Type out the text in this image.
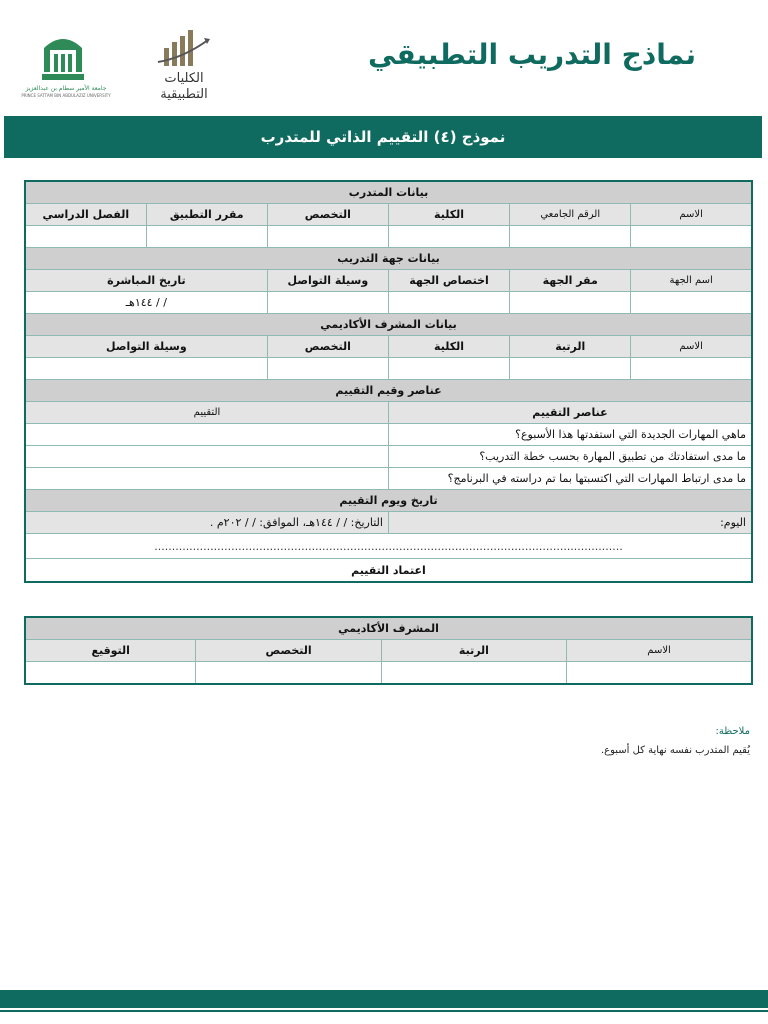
نماذج التدريب التطبيقي
الكليات
التطبيقية
جامعة الأمير سطام بن عبدالعزيز
PRINCE SATTAM BIN ABDULAZIZ UNIVERSITY
نموذج (٤) التقييم الذاتي للمتدرب
بيانات المتدرب					
الاسم	الرقم الجامعي	الكلية	التخصص	مقرر التطبيق	الفصل الدراسي

بيانات جهة التدريب					
اسم الجهة	مقر الجهة	اختصاص الجهة	وسيلة التواصل	تاريخ المباشرة	
				/ / ١٤٤هـ	
بيانات المشرف الأكاديمي					
الاسم	الرتبة	الكلية	التخصص	وسيلة التواصل	

عناصر وقيم التقييم					
عناصر التقييم			التقييم		
ماهي المهارات الجديدة التي استفدتها هذا الأسبوع؟					
ما مدى استفادتك من تطبيق المهارة بحسب خطة التدريب؟					
ما مدى ارتباط المهارات التي اكتسبتها بما تم دراسته في البرنامج؟					
تاريخ ويوم التقييم					
اليوم:			التاريخ: / / ١٤٤هـ، الموافق: / / ٢٠٢م .		
......................................................................................................................................					
اعتماد التقييم					
المشرف الأكاديمي			
الاسم	الرتبة	التخصص	التوقيع

ملاحظة:
يُقيم المتدرب نفسه نهاية كل أسبوع.
